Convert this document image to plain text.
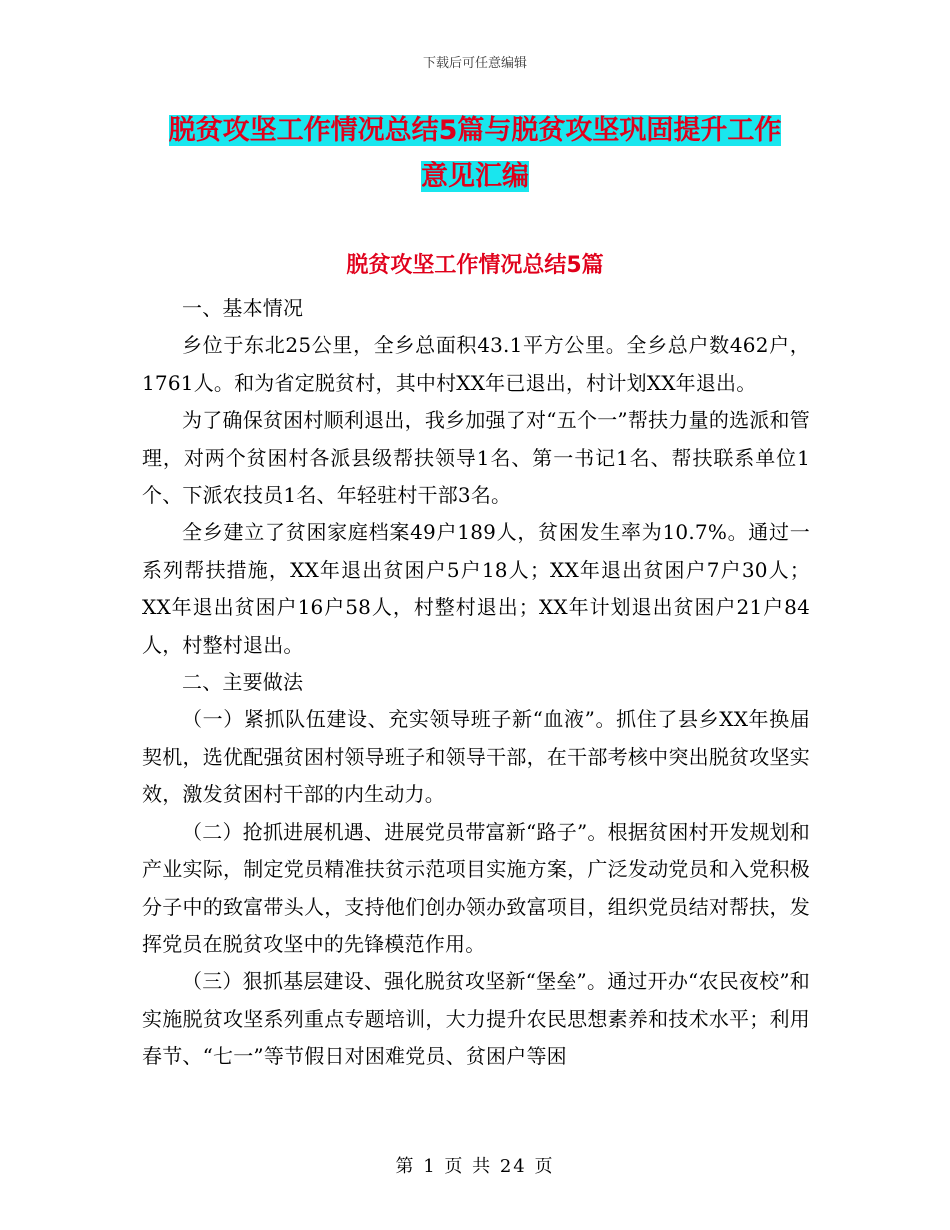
下载后可任意编辑
脱贫攻坚工作情况总结5篇与脱贫攻坚巩固提升工作
意见汇编
脱贫攻坚工作情况总结5篇

一、基本情况

乡位于东北25公里，全乡总面积43.1平方公里。全乡总户数462户，1761人。和为省定脱贫村，其中村XX年已退出，村计划XX年退出。

为了确保贫困村顺利退出，我乡加强了对“五个一”帮扶力量的选派和管理，对两个贫困村各派县级帮扶领导1名、第一书记1名、帮扶联系单位1个、下派农技员1名、年轻驻村干部3名。

全乡建立了贫困家庭档案49户189人，贫困发生率为10.7%。通过一系列帮扶措施，XX年退出贫困户5户18人；XX年退出贫困户7户30人；XX年退出贫困户16户58人，村整村退出；XX年计划退出贫困户21户84人，村整村退出。

二、主要做法

（一）紧抓队伍建设、充实领导班子新“血液”。抓住了县乡XX年换届契机，选优配强贫困村领导班子和领导干部，在干部考核中突出脱贫攻坚实效，激发贫困村干部的内生动力。

（二）抢抓进展机遇、进展党员带富新“路子”。根据贫困村开发规划和产业实际，制定党员精准扶贫示范项目实施方案，广泛发动党员和入党积极分子中的致富带头人，支持他们创办领办致富项目，组织党员结对帮扶，发挥党员在脱贫攻坚中的先锋模范作用。

（三）狠抓基层建设、强化脱贫攻坚新“堡垒”。通过开办“农民夜校”和实施脱贫攻坚系列重点专题培训，大力提升农民思想素养和技术水平；利用春节、“七一”等节假日对困难党员、贫困户等困

第 1 页 共 24 页
